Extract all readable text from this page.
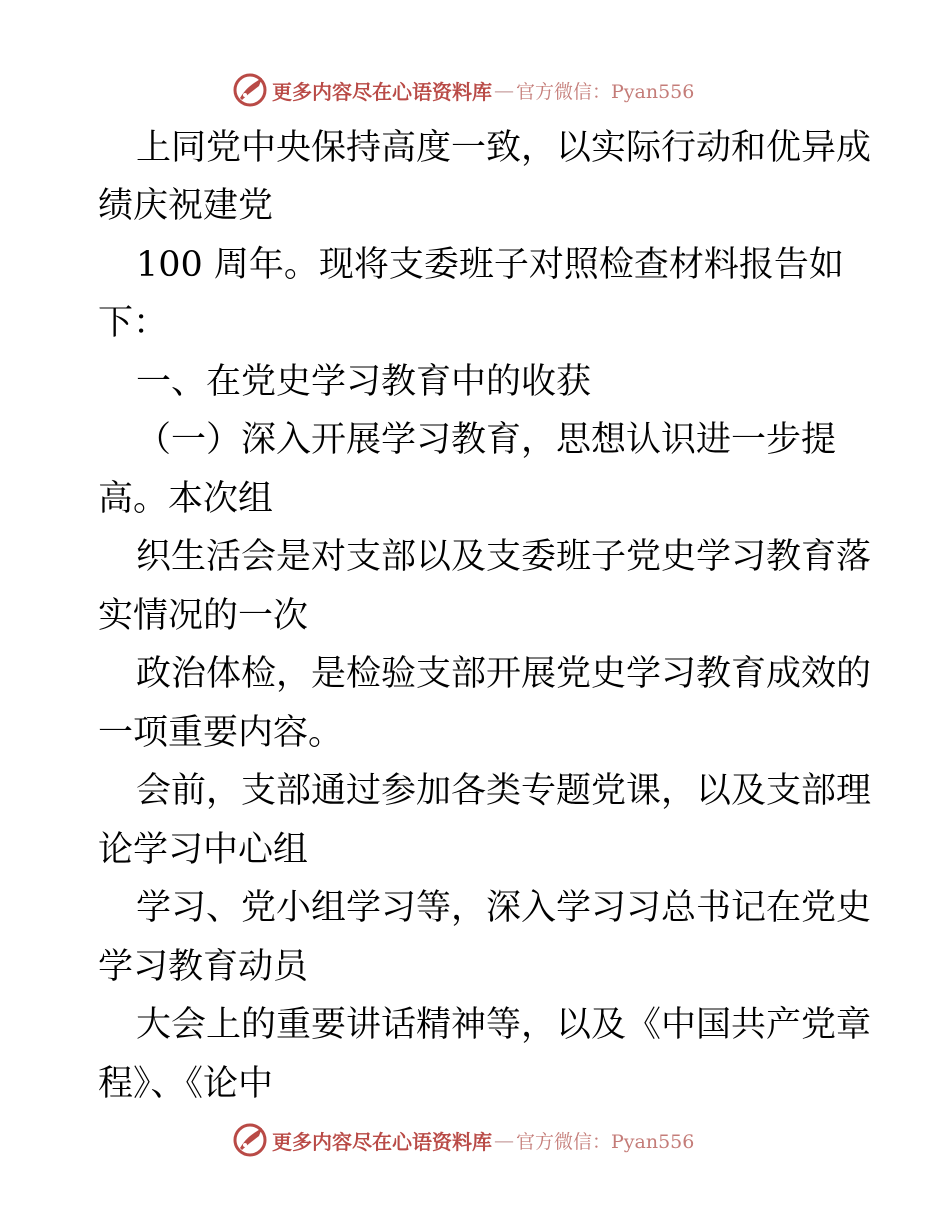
更多内容尽在心语资料库 — 官方微信：Pyan556

上同党中央保持高度一致，以实际行动和优异成

绩庆祝建党

100 周年。现将支委班子对照检查材料报告如

下：

一、在党史学习教育中的收获

（一）深入开展学习教育，思想认识进一步提

高。本次组

织生活会是对支部以及支委班子党史学习教育落

实情况的一次

政治体检，是检验支部开展党史学习教育成效的

一项重要内容。

会前，支部通过参加各类专题党课，以及支部理

论学习中心组

学习、党小组学习等，深入学习习总书记在党史

学习教育动员

大会上的重要讲话精神等，以及《中国共产党章

程》、《论中

更多内容尽在心语资料库 — 官方微信：Pyan556
